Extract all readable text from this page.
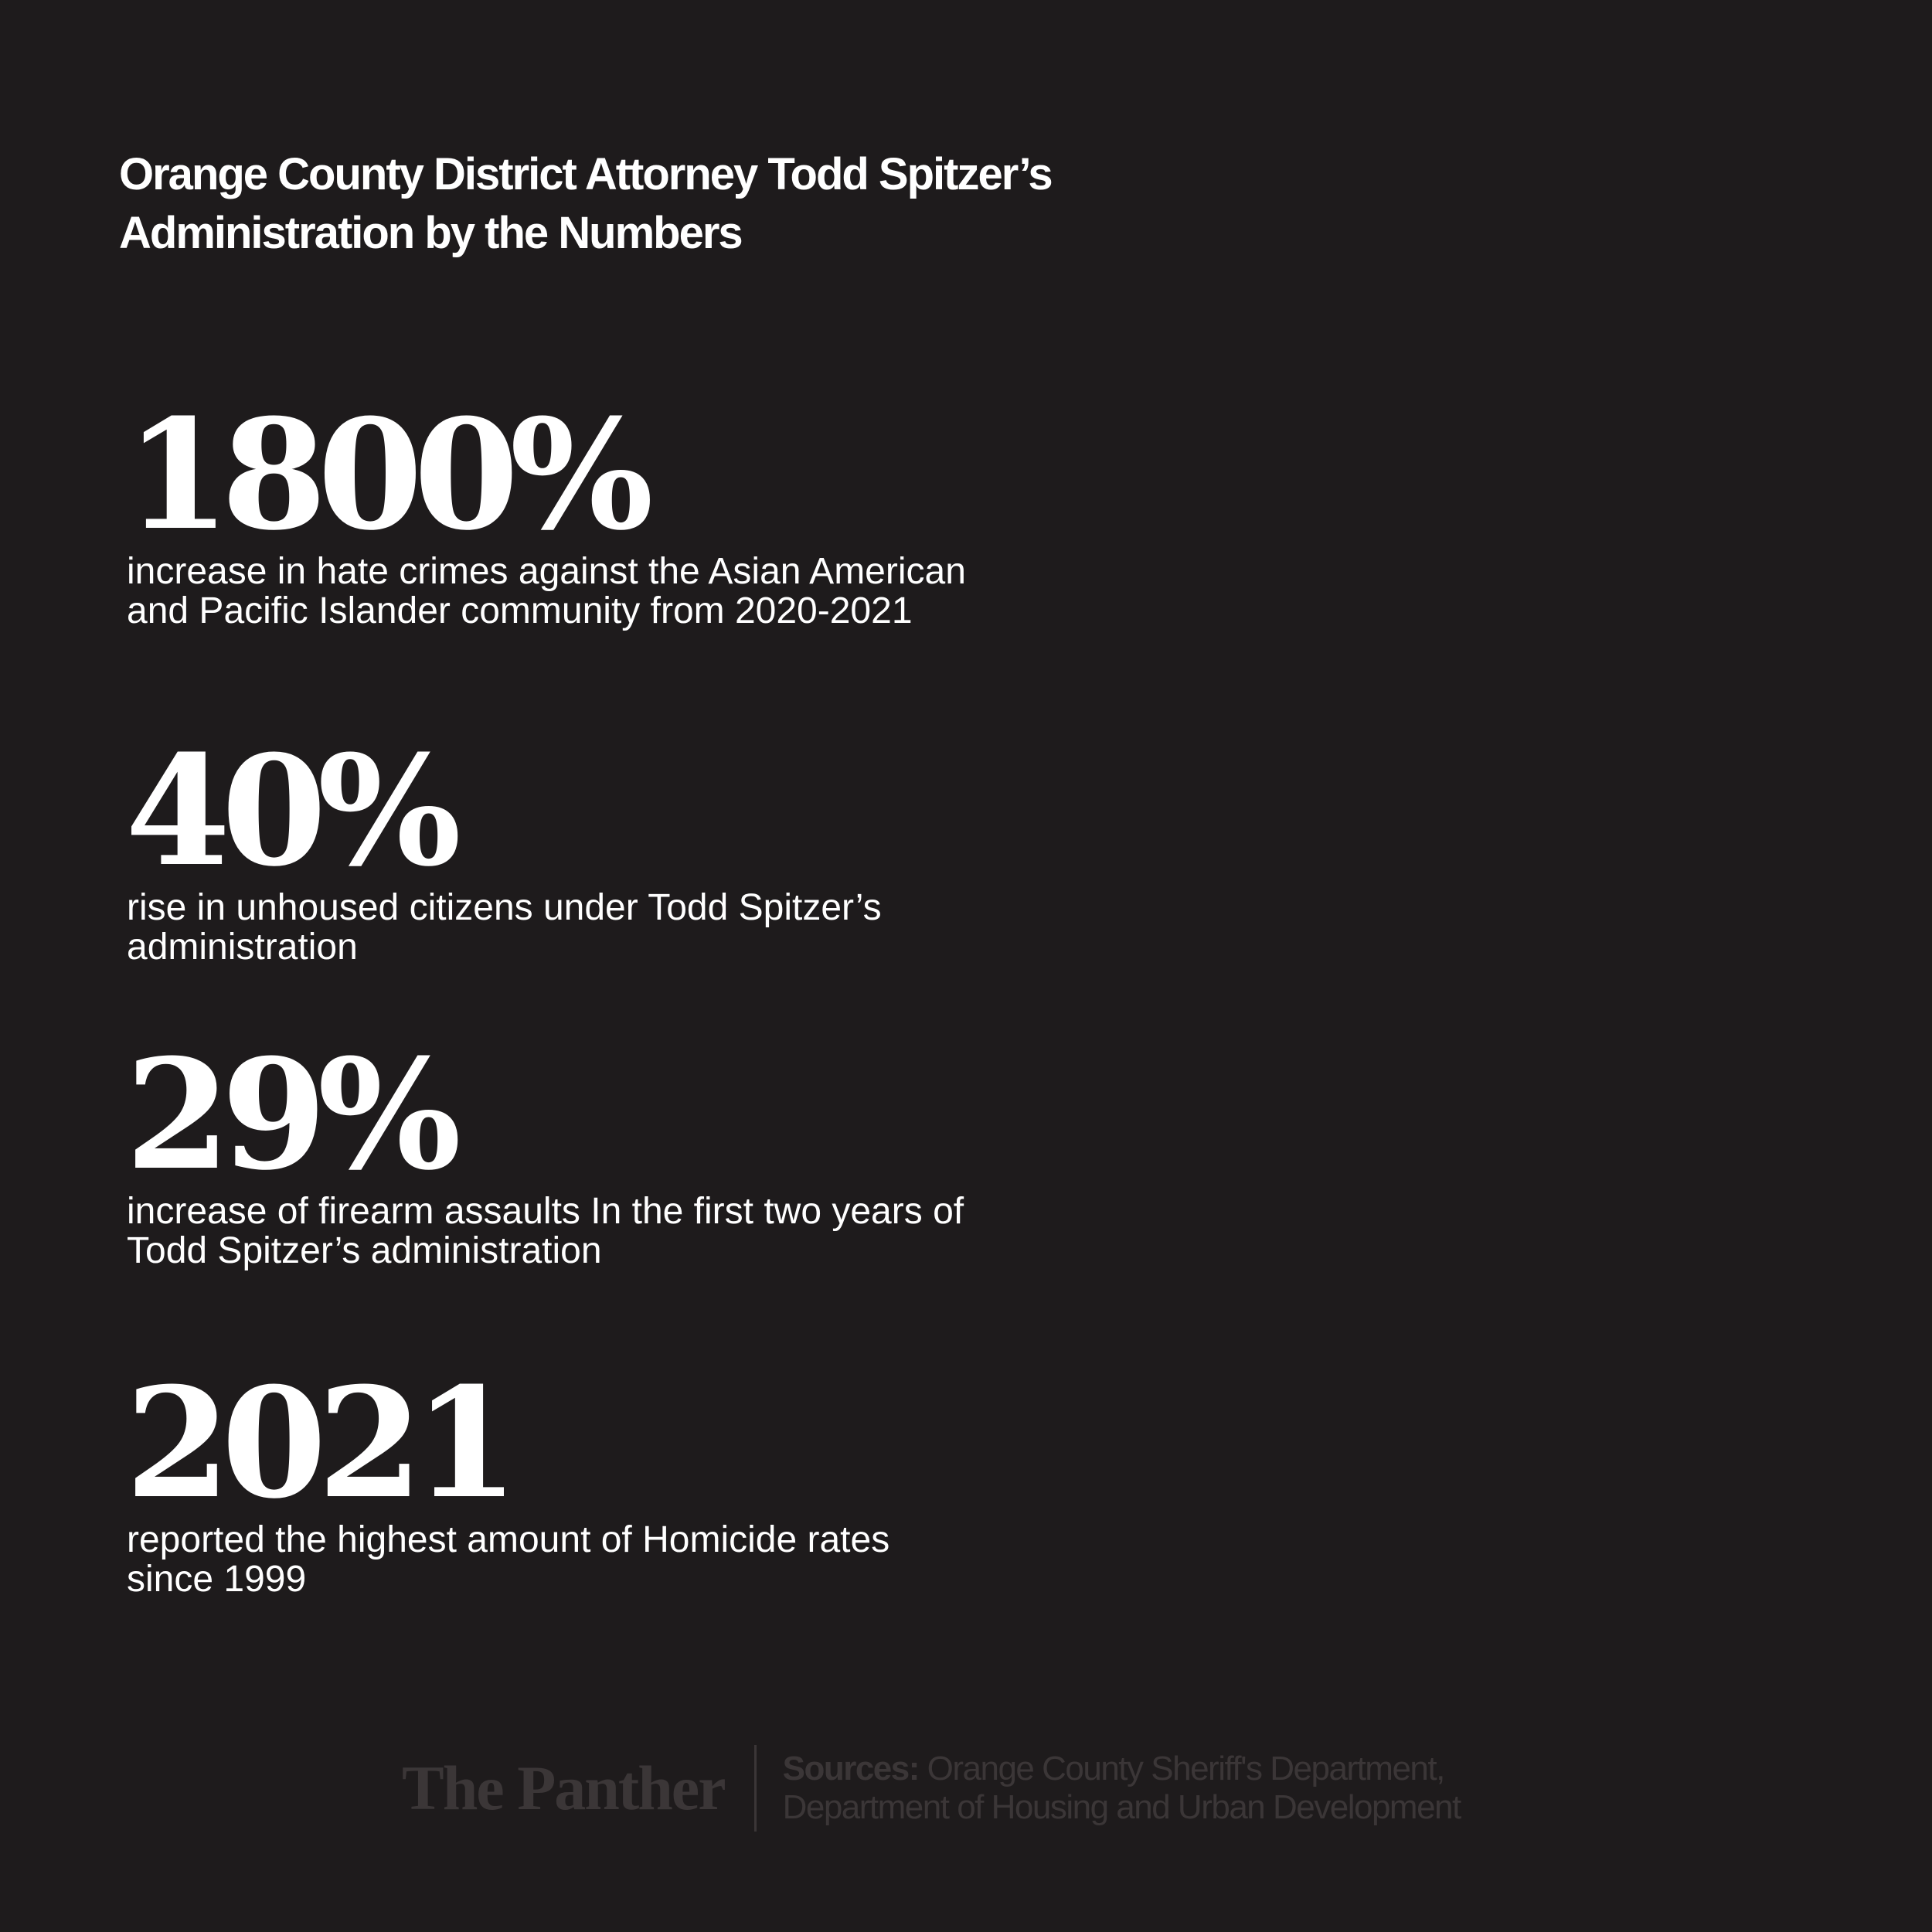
Orange County District Attorney Todd Spitzer’s
Administration by the Numbers
1800%
increase in hate crimes against the Asian American
and Pacific Islander community from 2020-2021
40%
rise in unhoused citizens under Todd Spitzer’s
administration
29%
increase of firearm assaults In the first two years of
Todd Spitzer’s administration
2021
reported the highest amount of Homicide rates
since 1999
The Panther Sources: Orange County Sheriff's Department,
Department of Housing and Urban Development
